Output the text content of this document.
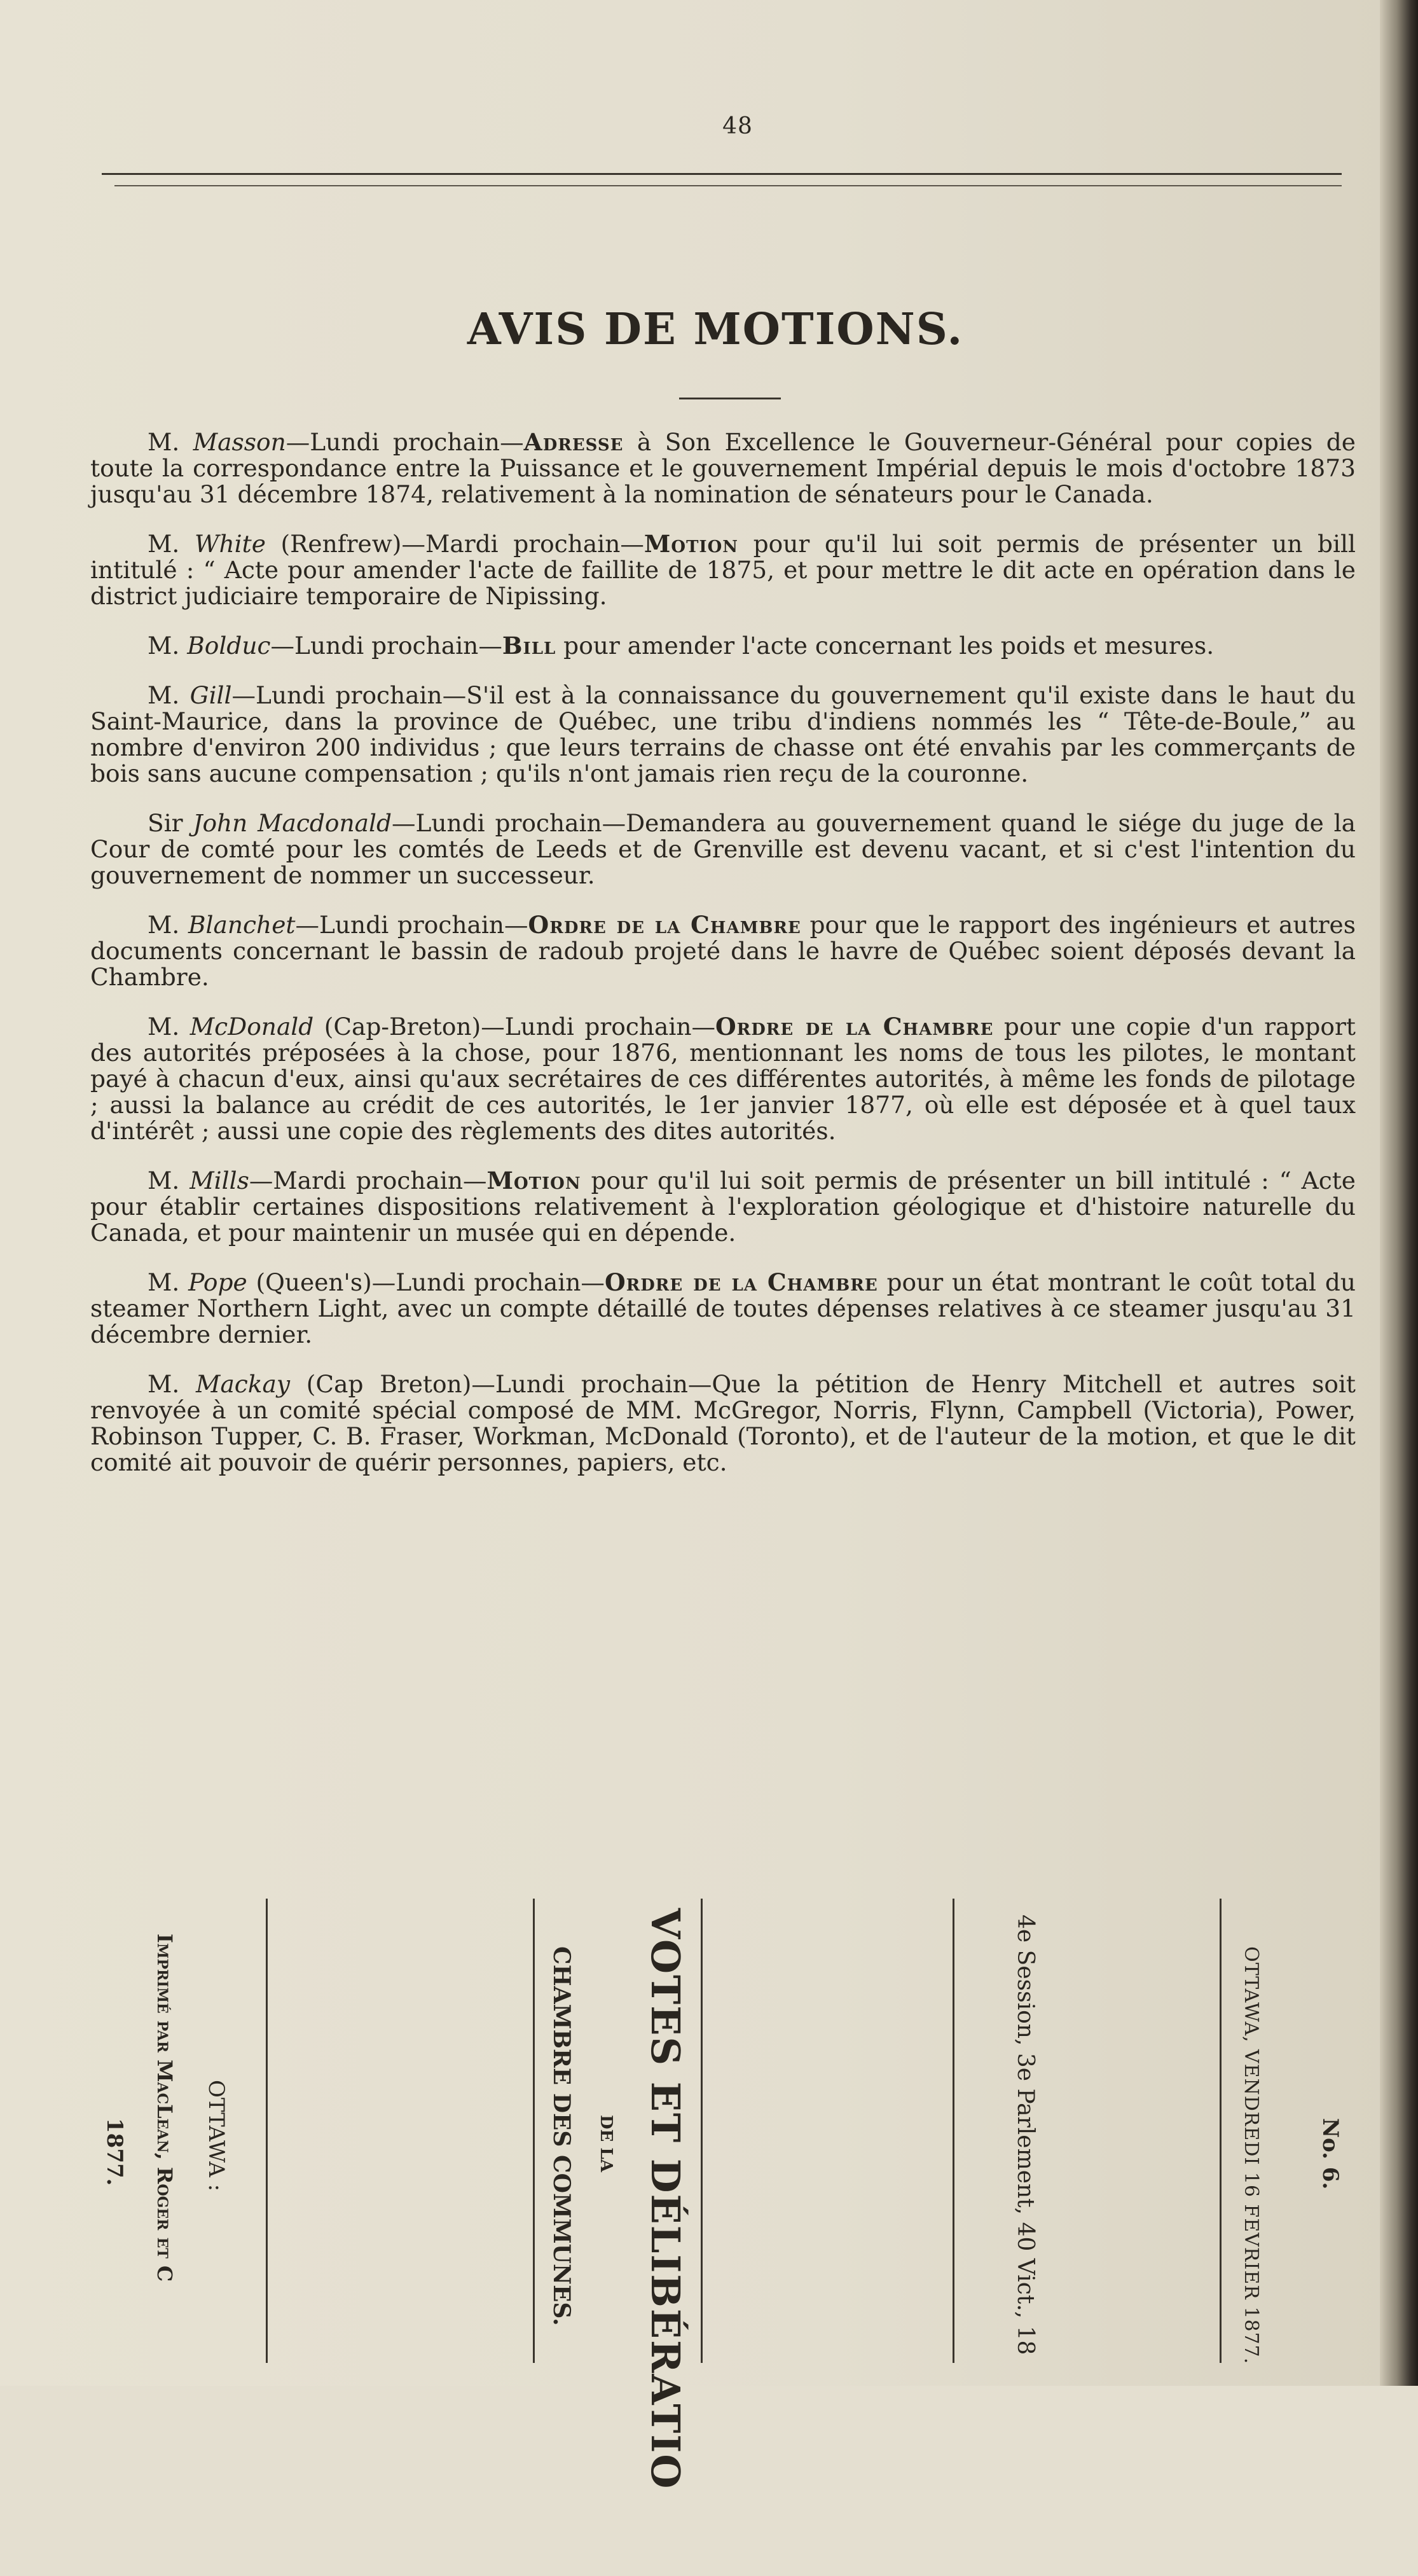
48
AVIS DE MOTIONS.

M. Masson—Lundi prochain—Adresse à Son Excellence le Gouverneur-Général pour copies de toute la correspondance entre la Puissance et le gouvernement Impérial depuis le mois d'octobre 1873 jusqu'au 31 décembre 1874, relativement à la nomination de sénateurs pour le Canada.

M. White (Renfrew)—Mardi prochain—Motion pour qu'il lui soit permis de présenter un bill intitulé : “ Acte pour amender l'acte de faillite de 1875, et pour mettre le dit acte en opération dans le district judiciaire temporaire de Nipissing.

M. Bolduc—Lundi prochain—Bill pour amender l'acte concernant les poids et mesures.

M. Gill—Lundi prochain—S'il est à la connaissance du gouvernement qu'il existe dans le haut du Saint-Maurice, dans la province de Québec, une tribu d'indiens nommés les “ Tête-de-Boule,” au nombre d'environ 200 individus ; que leurs terrains de chasse ont été envahis par les commerçants de bois sans aucune compensation ; qu'ils n'ont jamais rien reçu de la couronne.

Sir John Macdonald—Lundi prochain—Demandera au gouvernement quand le siége du juge de la Cour de comté pour les comtés de Leeds et de Grenville est devenu vacant, et si c'est l'intention du gouvernement de nommer un successeur.

M. Blanchet—Lundi prochain—Ordre de la Chambre pour que le rapport des ingénieurs et autres documents concernant le bassin de radoub projeté dans le havre de Québec soient déposés devant la Chambre.

M. McDonald (Cap-Breton)—Lundi prochain—Ordre de la Chambre pour une copie d'un rapport des autorités préposées à la chose, pour 1876, mentionnant les noms de tous les pilotes, le montant payé à chacun d'eux, ainsi qu'aux secrétaires de ces différentes autorités, à même les fonds de pilotage ; aussi la balance au crédit de ces autorités, le 1er janvier 1877, où elle est déposée et à quel taux d'intérêt ; aussi une copie des règlements des dites autorités.

M. Mills—Mardi prochain—Motion pour qu'il lui soit permis de présenter un bill intitulé : “ Acte pour établir certaines dispositions relativement à l'exploration géologique et d'histoire naturelle du Canada, et pour maintenir un musée qui en dépende.

M. Pope (Queen's)—Lundi prochain—Ordre de la Chambre pour un état montrant le coût total du steamer Northern Light, avec un compte détaillé de toutes dépenses relatives à ce steamer jusqu'au 31 décembre dernier.

M. Mackay (Cap Breton)—Lundi prochain—Que la pétition de Henry Mitchell et autres soit renvoyée à un comité spécial composé de MM. McGregor, Norris, Flynn, Campbell (Victoria), Power, Robinson Tupper, C. B. Fraser, Workman, McDonald (Toronto), et de l'auteur de la motion, et que le dit comité ait pouvoir de quérir personnes, papiers, etc.

No. 6.
OTTAWA, VENDREDI 16 FEVRIER 1877.
4e Session, 3e Parlement, 40 Vict., 18
VOTES ET DÉLIBÉRATIO
DE LA
CHAMBRE DES COMMUNES.
OTTAWA :
Imprimé par MacLean, Roger et C
1877.
